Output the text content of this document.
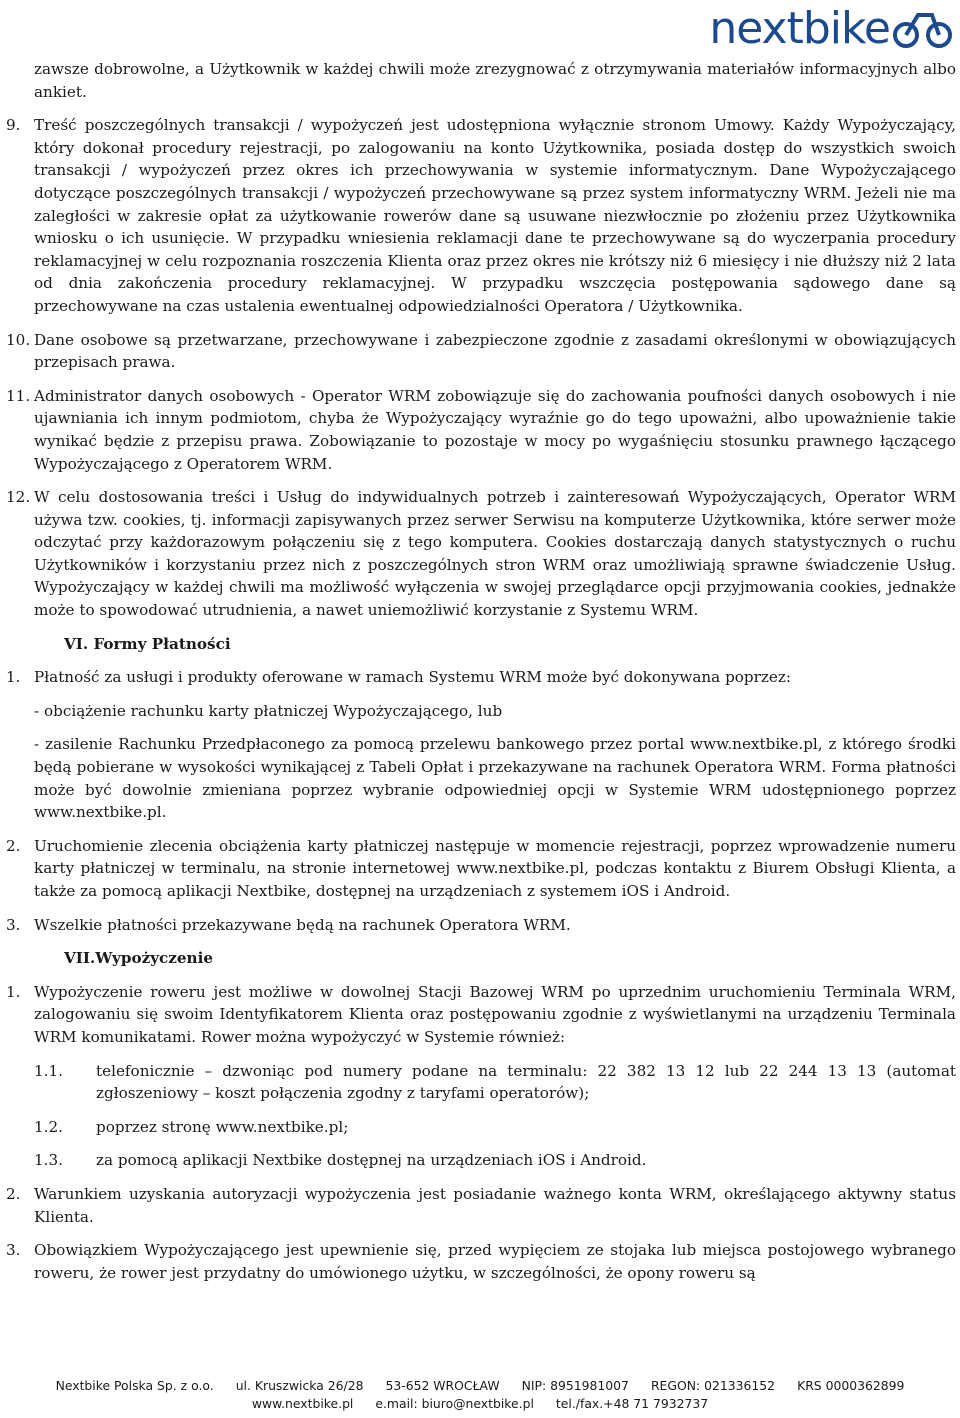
nextbike
zawsze dobrowolne, a Użytkownik w każdej chwili może zrezygnować z otrzymywania materiałów informacyjnych albo ankiet.
9. Treść poszczególnych transakcji / wypożyczeń jest udostępniona wyłącznie stronom Umowy. Każdy Wypożyczający, który dokonał procedury rejestracji, po zalogowaniu na konto Użytkownika, posiada dostęp do wszystkich swoich transakcji / wypożyczeń przez okres ich przechowywania w systemie informatycznym. Dane Wypożyczającego dotyczące poszczególnych transakcji / wypożyczeń przechowywane są przez system informatyczny WRM. Jeżeli nie ma zaległości w zakresie opłat za użytkowanie rowerów dane są usuwane niezwłocznie po złożeniu przez Użytkownika wniosku o ich usunięcie. W przypadku wniesienia reklamacji dane te przechowywane są do wyczerpania procedury reklamacyjnej w celu rozpoznania roszczenia Klienta oraz przez okres nie krótszy niż 6 miesięcy i nie dłuższy niż 2 lata od dnia zakończenia procedury reklamacyjnej. W przypadku wszczęcia postępowania sądowego dane są przechowywane na czas ustalenia ewentualnej odpowiedzialności Operatora / Użytkownika.
10. Dane osobowe są przetwarzane, przechowywane i zabezpieczone zgodnie z zasadami określonymi w obowiązujących przepisach prawa.
11. Administrator danych osobowych - Operator WRM zobowiązuje się do zachowania poufności danych osobowych i nie ujawniania ich innym podmiotom, chyba że Wypożyczający wyraźnie go do tego upoważni, albo upoważnienie takie wynikać będzie z przepisu prawa. Zobowiązanie to pozostaje w mocy po wygaśnięciu stosunku prawnego łączącego Wypożyczającego z Operatorem WRM.
12. W celu dostosowania treści i Usług do indywidualnych potrzeb i zainteresowań Wypożyczających, Operator WRM używa tzw. cookies, tj. informacji zapisywanych przez serwer Serwisu na komputerze Użytkownika, które serwer może odczytać przy każdorazowym połączeniu się z tego komputera. Cookies dostarczają danych statystycznych o ruchu Użytkowników i korzystaniu przez nich z poszczególnych stron WRM oraz umożliwiają sprawne świadczenie Usług. Wypożyczający w każdej chwili ma możliwość wyłączenia w swojej przeglądarce opcji przyjmowania cookies, jednakże może to spowodować utrudnienia, a nawet uniemożliwić korzystanie z Systemu WRM.
VI. Formy Płatności
1. Płatność za usługi i produkty oferowane w ramach Systemu WRM może być dokonywana poprzez:
- obciążenie rachunku karty płatniczej Wypożyczającego, lub
- zasilenie Rachunku Przedpłaconego za pomocą przelewu bankowego przez portal www.nextbike.pl, z którego środki będą pobierane w wysokości wynikającej z Tabeli Opłat i przekazywane na rachunek Operatora WRM. Forma płatności może być dowolnie zmieniana poprzez wybranie odpowiedniej opcji w Systemie WRM udostępnionego poprzez www.nextbike.pl.
2. Uruchomienie zlecenia obciążenia karty płatniczej następuje w momencie rejestracji, poprzez wprowadzenie numeru karty płatniczej w terminalu, na stronie internetowej www.nextbike.pl, podczas kontaktu z Biurem Obsługi Klienta, a także za pomocą aplikacji Nextbike, dostępnej na urządzeniach z systemem iOS i Android.
3. Wszelkie płatności przekazywane będą na rachunek Operatora WRM.
VII.Wypożyczenie
1. Wypożyczenie roweru jest możliwe w dowolnej Stacji Bazowej WRM po uprzednim uruchomieniu Terminala WRM, zalogowaniu się swoim Identyfikatorem Klienta oraz postępowaniu zgodnie z wyświetlanymi na urządzeniu Terminala WRM komunikatami. Rower można wypożyczyć w Systemie również:
1.1. telefonicznie – dzwoniąc pod numery podane na terminalu: 22 382 13 12 lub 22 244 13 13 (automat zgłoszeniowy – koszt połączenia zgodny z taryfami operatorów);
1.2. poprzez stronę www.nextbike.pl;
1.3. za pomocą aplikacji Nextbike dostępnej na urządzeniach iOS i Android.
2. Warunkiem uzyskania autoryzacji wypożyczenia jest posiadanie ważnego konta WRM, określającego aktywny status Klienta.
3. Obowiązkiem Wypożyczającego jest upewnienie się, przed wypięciem ze stojaka lub miejsca postojowego wybranego roweru, że rower jest przydatny do umówionego użytku, w szczególności, że opony roweru są
Nextbike Polska Sp. z o.o. ul. Kruszwicka 26/28 53-652 WROCŁAW NIP: 8951981007 REGON: 021336152 KRS 0000362899
www.nextbike.pl e.mail: biuro@nextbike.pl tel./fax.+48 71 7932737
